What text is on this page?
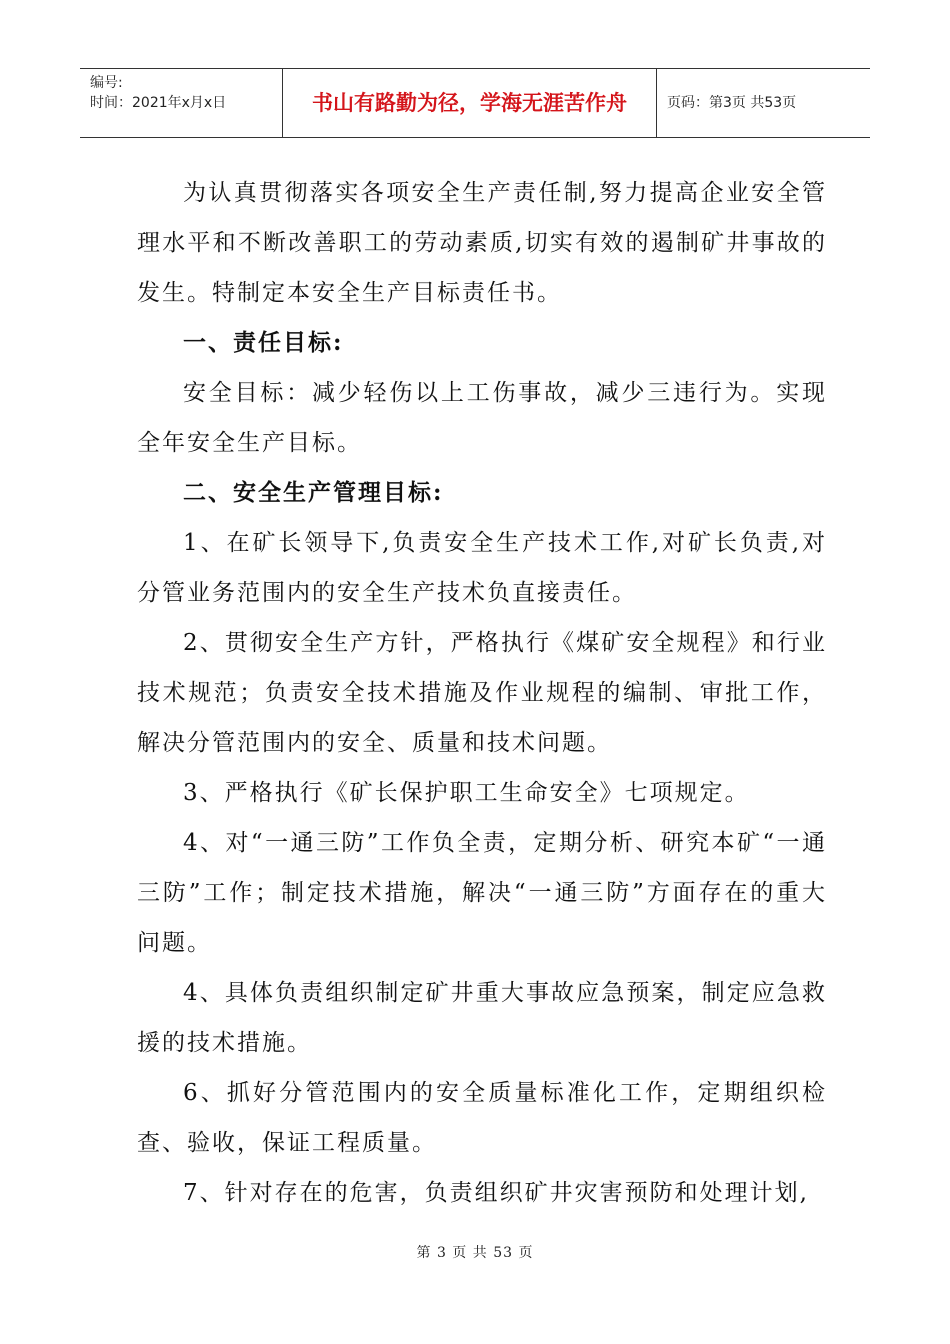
编号:
时间：2021年x月x日	书山有路勤为径，学海无涯苦作舟	页码：第3页 共53页

为认真贯彻落实各项安全生产责任制,努力提高企业安全管理水平和不断改善职工的劳动素质,切实有效的遏制矿井事故的发生。特制定本安全生产目标责任书。

一、责任目标:

安全目标：减少轻伤以上工伤事故，减少三违行为。实现全年安全生产目标。

二、安全生产管理目标:

1、在矿长领导下,负责安全生产技术工作,对矿长负责,对分管业务范围内的安全生产技术负直接责任。

2、贯彻安全生产方针，严格执行《煤矿安全规程》和行业技术规范；负责安全技术措施及作业规程的编制、审批工作，解决分管范围内的安全、质量和技术问题。

3、严格执行《矿长保护职工生命安全》七项规定。

4、对“一通三防”工作负全责，定期分析、研究本矿“一通三防”工作；制定技术措施，解决“一通三防”方面存在的重大问题。

4、具体负责组织制定矿井重大事故应急预案，制定应急救援的技术措施。

6、抓好分管范围内的安全质量标准化工作，定期组织检查、验收，保证工程质量。

7、针对存在的危害，负责组织矿井灾害预防和处理计划,

第 3 页 共 53 页
